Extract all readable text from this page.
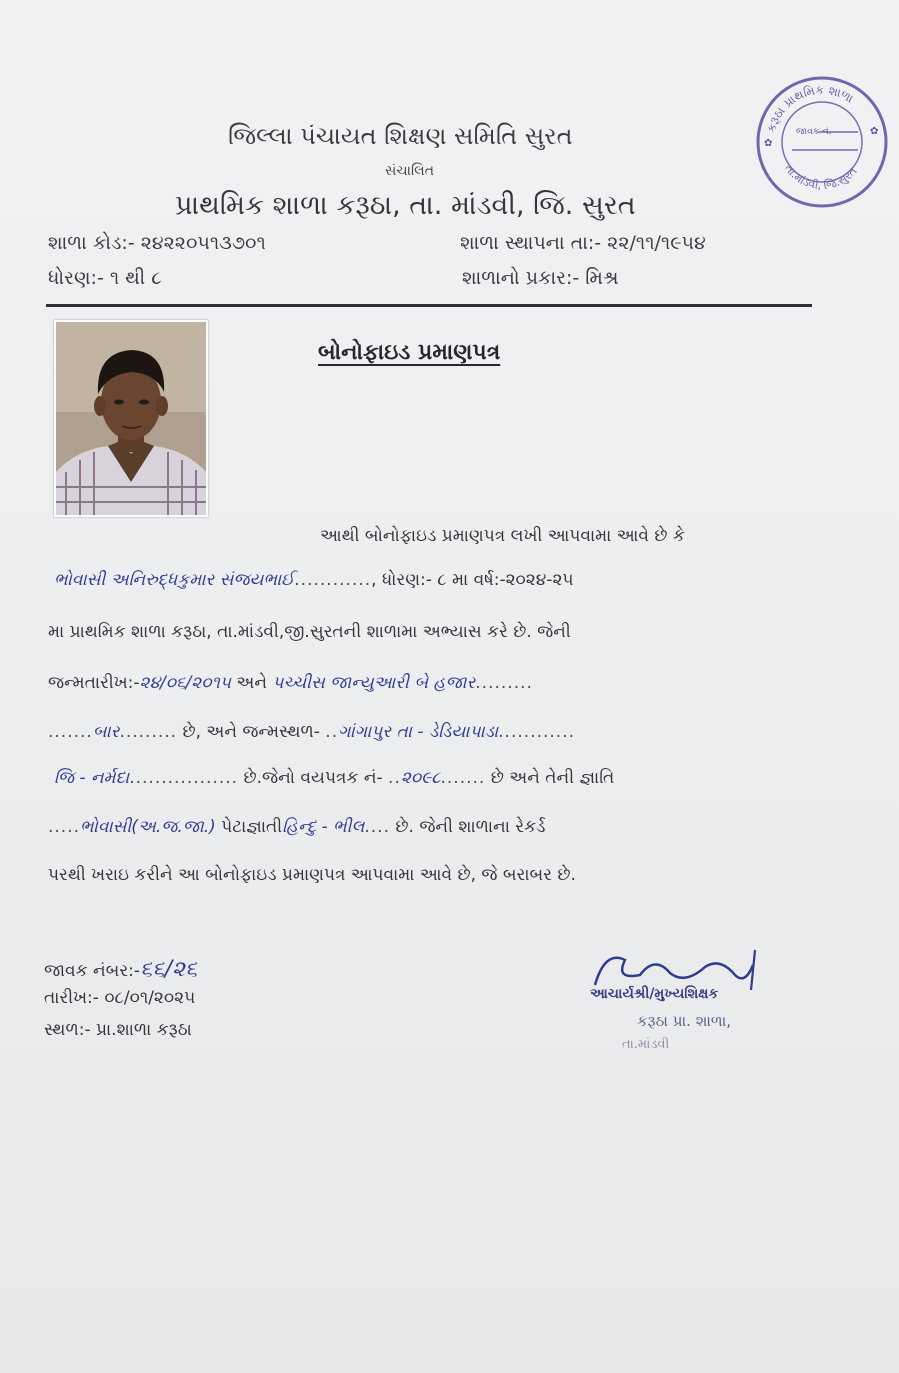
જિલ્લા પંચાયત શિક્ષણ સમિતિ સુરત
સંચાલિત
પ્રાથમિક શાળા કરૂઠા, તા. માંડવી, જિ. સુરત
શાળા કોડ:- ૨૪૨૨૦૫૧૩૭૦૧	શાળા સ્થાપના તા:- ૨૨/૧૧/૧૯૫૪
ધોરણ:- ૧ થી ૮	શાળાનો પ્રકાર:- મિશ્ર
કરૂઠા પ્રાથમિક શાળા
તા.માંડવી, જિ.સુરત
જાવક નં.
✿
✿
બોનોફાઇડ પ્રમાણપત્ર
આથી બોનોફાઇડ પ્રમાણપત્ર લખી આપવામા આવે છે કે
ભોવાસી અનિરુદ્ધકુમાર સંજયભાઈ............, ધોરણ:- ૮ મા વર્ષ:-૨૦૨૪-૨૫
મા પ્રાથમિક શાળા કરૂઠા, તા.માંડવી,જી.સુરતની શાળામા અભ્યાસ કરે છે. જેની
જન્મતારીખ:-૨૪/૦૬/૨૦૧૫ અને પચ્ચીસ જાન્યુઆરી બે હજાર.........
.......બાર......... છે, અને જન્મસ્થળ- ..ગાંગાપુર તા - ડેડિયાપાડા............
જિ - નર્મદા................. છે.જેનો વયપત્રક નં- ..૨૦૯૮....... છે અને તેની જ્ઞાતિ
.....ભોવાસી(અ.જ.જા.) પેટાજ્ઞાતીહિન્દુ - ભીલ.... છે. જેની શાળાના રેકર્ડ
પરથી ખરાઇ કરીને આ બોનોફાઇડ પ્રમાણપત્ર આપવામા આવે છે, જે બરાબર છે.
જાવક નંબર:-૬૬/૨૬
તારીખ:- ૦૮/૦૧/૨૦૨૫
સ્થળ:- પ્રા.શાળા કરૂઠા
આચાર્યશ્રી/મુખ્યશિક્ષક
કરૂઠા પ્રા. શાળા,
તા.માંડવી
